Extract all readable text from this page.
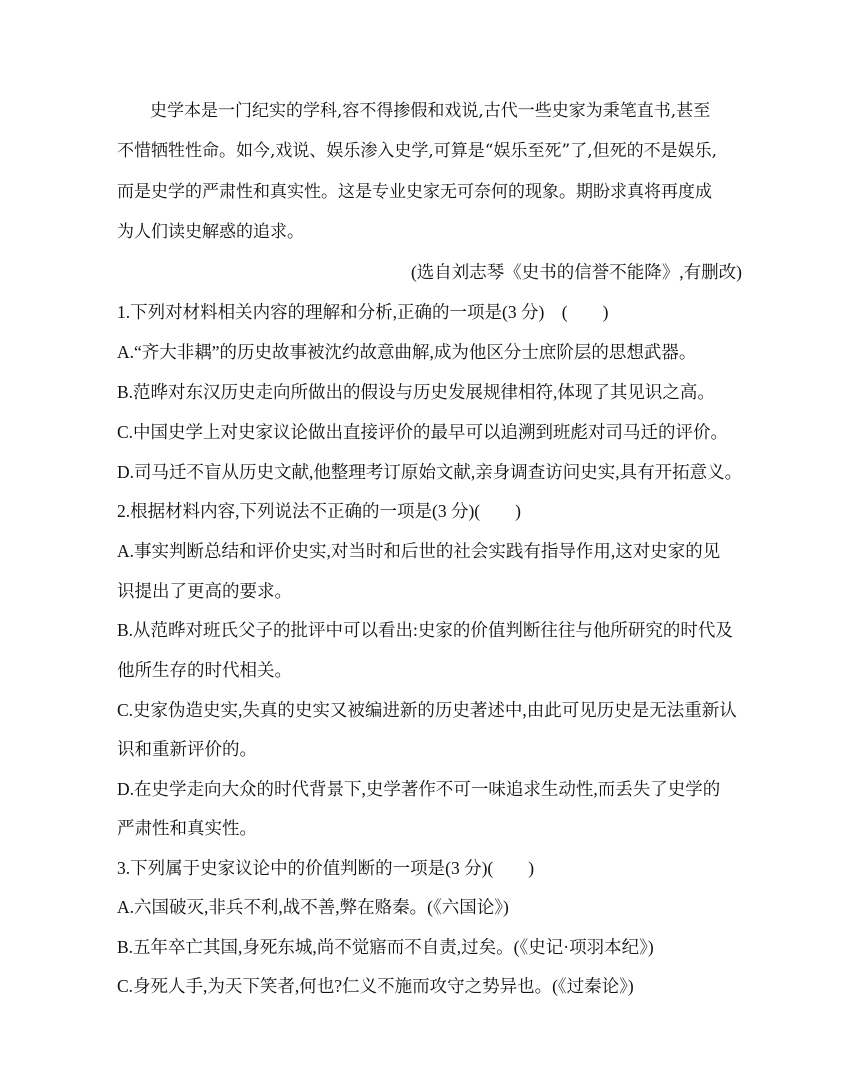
史学本是一门纪实的学科,容不得掺假和戏说,古代一些史家为秉笔直书,甚至

不惜牺牲性命。如今,戏说、娱乐渗入史学,可算是“娱乐至死”了,但死的不是娱乐,

而是史学的严肃性和真实性。这是专业史家无可奈何的现象。期盼求真将再度成

为人们读史解惑的追求。

(选自刘志琴《史书的信誉不能降》,有删改)

1.下列对材料相关内容的理解和分析,正确的一项是(3 分)　(　　)

A.“齐大非耦”的历史故事被沈约故意曲解,成为他区分士庶阶层的思想武器。

B.范晔对东汉历史走向所做出的假设与历史发展规律相符,体现了其见识之高。

C.中国史学上对史家议论做出直接评价的最早可以追溯到班彪对司马迁的评价。

D.司马迁不盲从历史文献,他整理考订原始文献,亲身调查访问史实,具有开拓意义。

2.根据材料内容,下列说法不正确的一项是(3 分)(　　)

A.事实判断总结和评价史实,对当时和后世的社会实践有指导作用,这对史家的见

识提出了更高的要求。

B.从范晔对班氏父子的批评中可以看出:史家的价值判断往往与他所研究的时代及

他所生存的时代相关。

C.史家伪造史实,失真的史实又被编进新的历史著述中,由此可见历史是无法重新认

识和重新评价的。

D.在史学走向大众的时代背景下,史学著作不可一味追求生动性,而丢失了史学的

严肃性和真实性。

3.下列属于史家议论中的价值判断的一项是(3 分)(　　)

A.六国破灭,非兵不利,战不善,弊在赂秦。(《六国论》)

B.五年卒亡其国,身死东城,尚不觉寤而不自责,过矣。(《史记·项羽本纪》)

C.身死人手,为天下笑者,何也?仁义不施而攻守之势异也。(《过秦论》)
